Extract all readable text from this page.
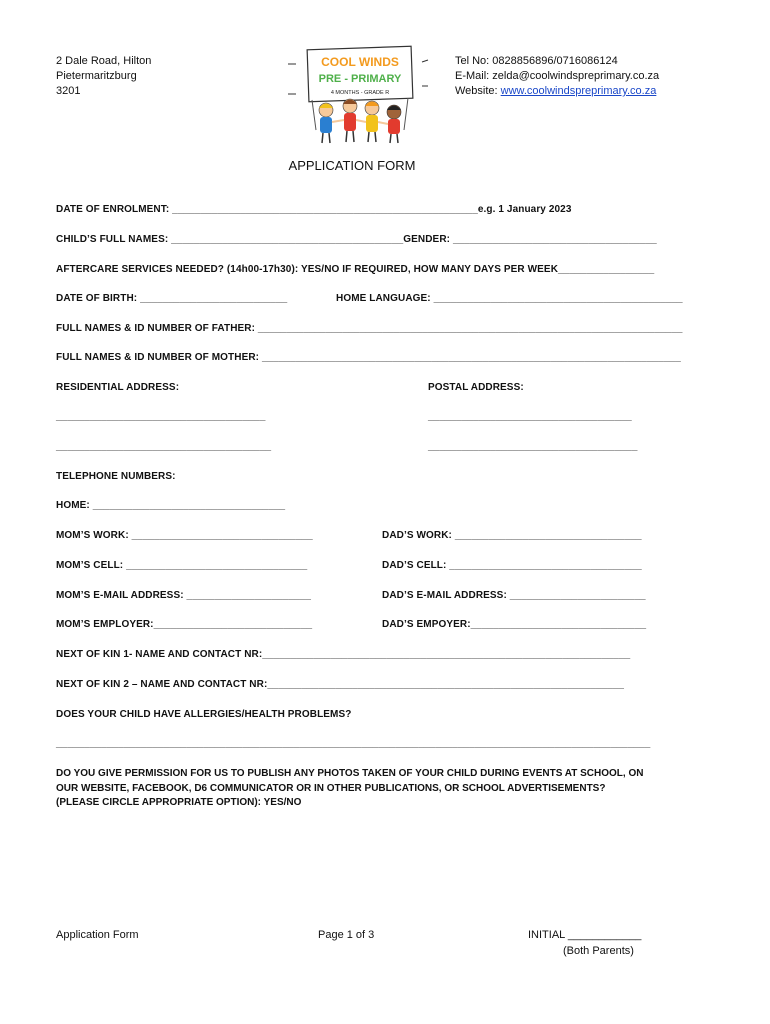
2 Dale Road, Hilton
Pietermaritzburg
3201
COOL WINDS
PRE - PRIMARY
4 MONTHS - GRADE R
Tel No: 0828856896/0716086124
E-Mail: zelda@coolwindspreprimary.co.za
Website: www.coolwindspreprimary.co.za
APPLICATION FORM
DATE OF ENROLMENT: ______________________________________________________e.g. 1 January 2023
CHILD’S FULL NAMES: _________________________________________GENDER: ____________________________________
AFTERCARE SERVICES NEEDED? (14h00-17h30): YES/NO IF REQUIRED, HOW MANY DAYS PER WEEK_________________
DATE OF BIRTH: __________________________	HOME LANGUAGE: ____________________________________________
FULL NAMES & ID NUMBER OF FATHER: ___________________________________________________________________________
FULL NAMES & ID NUMBER OF MOTHER: __________________________________________________________________________
RESIDENTIAL ADDRESS:	POSTAL ADDRESS:
_____________________________________	____________________________________
______________________________________	_____________________________________
TELEPHONE NUMBERS:
HOME: __________________________________
MOM’S WORK: ________________________________	DAD’S WORK: _________________________________
MOM’S CELL: ________________________________	DAD’S CELL: __________________________________
MOM’S E-MAIL ADDRESS: ______________________	DAD’S E-MAIL ADDRESS: ________________________
MOM’S EMPLOYER:____________________________	DAD’S EMPOYER:_______________________________
NEXT OF KIN 1- NAME AND CONTACT NR:_________________________________________________________________
NEXT OF KIN 2 – NAME AND CONTACT NR:_______________________________________________________________
DOES YOUR CHILD HAVE ALLERGIES/HEALTH PROBLEMS?
_________________________________________________________________________________________________________
DO YOU GIVE PERMISSION FOR US TO PUBLISH ANY PHOTOS TAKEN OF YOUR CHILD DURING EVENTS AT SCHOOL, ON
OUR WEBSITE, FACEBOOK, D6 COMMUNICATOR OR IN OTHER PUBLICATIONS, OR SCHOOL ADVERTISEMENTS?
(PLEASE CIRCLE APPROPRIATE OPTION): YES/NO
Application Form	Page 1 of 3	INITIAL ____________
(Both Parents)
